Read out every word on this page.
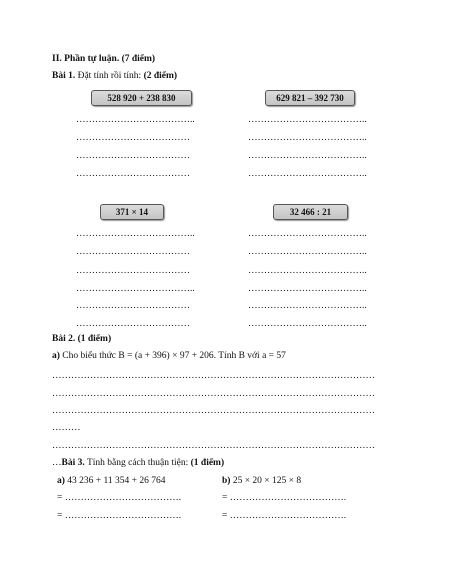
II. Phần tự luận. (7 điểm)
Bài 1. Đặt tính rồi tính: (2 điểm)
528 920 + 238 830	629 821 – 392 730
………………………………..
………………………………
………………………………
………………………………
………………………………..
………………………………..
………………………………..
………………………………..
371 × 14	32 466 : 21
………………………………..
………………………………
………………………………
………………………………..
………………………………
………………………………
………………………………..
………………………………..
………………………………..
………………………………..
………………………………..
………………………………..
Bài 2. (1 điểm)
a) Cho biểu thức B = (a + 396) × 97 + 206. Tính B với a = 57
…………………………………………………………………………………………
…………………………………………………………………………………………
…………………………………………………………………………………………
………
…………………………………………………………………………………………
…Bài 3. Tính bằng cách thuận tiện: (1 điểm)
a) 43 236 + 11 354 + 26 764	b) 25 × 20 × 125 × 8
= ……………………………….
= ……………………………….
= ……………………………….
= ……………………………….
